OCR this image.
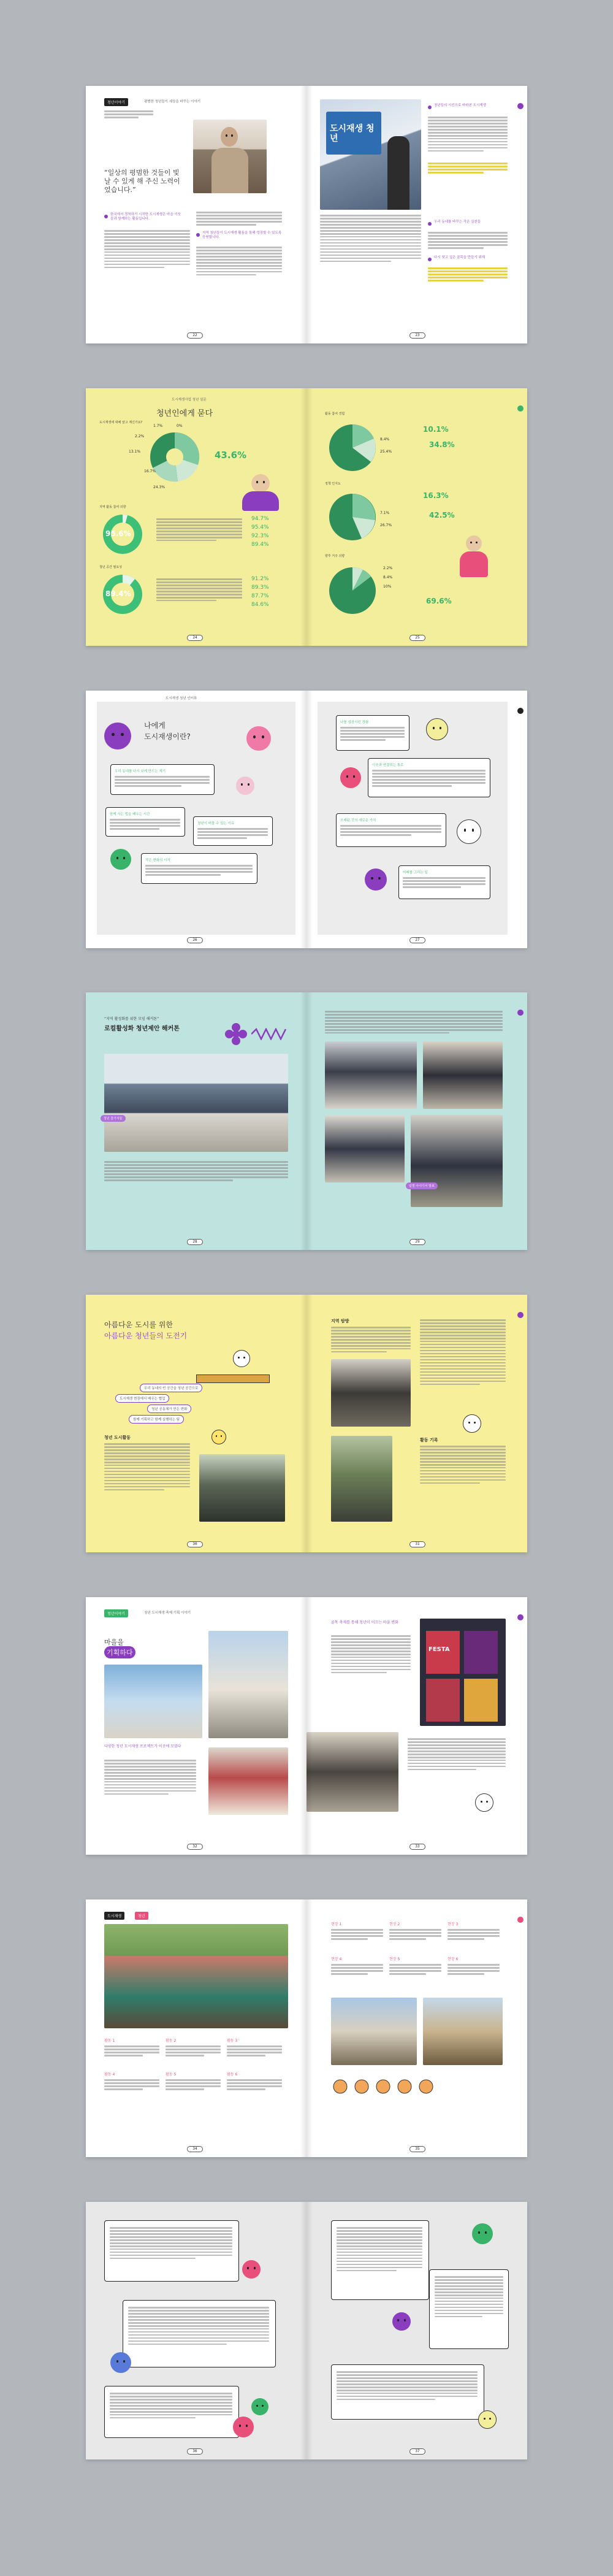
청년이야기	평범한 청년들이 세상을 바꾸는 이야기
“일상의 평범한 것들이 빛날 수 있게 해 주신 노력이었습니다.”
한국에서 정착하기 시작한 도시재생은 마을 이웃들과 함께하는 활동입니다.
지역 청년들이 도시재생 활동을 통해 성장할 수 있도록 응원합니다.
22
도시재생 청년
청년들의 시선으로 바라본 도시재생
우리 동네를 바꾸는 작은 실천들
다시 찾고 싶은 골목을 만들기 위해
23
도시재생사업 청년 설문
청년인에게 묻다
도시재생에 대해 알고 계신가요?
1.7%	0%
2.2%
13.1%	43.6%
16.7%
24.3%
지역 활동 참여 의향
95.6%
94.7%
95.4%
92.3%
89.4%
청년 공간 필요성
89.4%
91.2%
89.3%
87.7%
84.6%
24
활동 참여 경험
10.1%
34.8%
8.4%
25.4%
정책 인지도
16.3%
42.5%
7.1%
26.7%
향후 거주 의향
2.2%
8.4%
10%
69.6%
25
나에게
도시재생이란?
우리 동네를 다시 보게 만드는 계기
함께 사는 법을 배우는 시간
청년이 머물 수 있는 이유
작은 변화의 시작
도시재생 청년 인터뷰
26
나를 성장시킨 경험
이웃과 연결되는 통로
오래된 것의 새로운 가치
미래를 그리는 일
27
“지역 활성화를 위한 모임 해커톤”
로컬활성화 청년제안 해커톤
청년 참가자들
28
팀별 아이디어 발표
29
아름다운 도시를 위한
아름다운 청년들의 도전기
우리 동네의 빈 공간을 청년 공간으로
도시재생 현장에서 배우는 협업
청년 공동체가 만든 변화
함께 기획하고 함께 실행하는 팀
청년 도시활동
30
지역 탐방
활동 기록
31
청년이야기	청년 도시재생 축제 기획 이야기
마을을
기획하다
다양한 청년 도시재생 프로젝트가 이곳에 모였다
32
골목 축제를 통해 청년이 이끄는 마을 변화
FESTA
33
도시재생	청년
활동 1	활동 2	활동 3
활동 4	활동 5	활동 6
34
현장 1	현장 2	현장 3
현장 4	현장 5	현장 6
35
36	37
